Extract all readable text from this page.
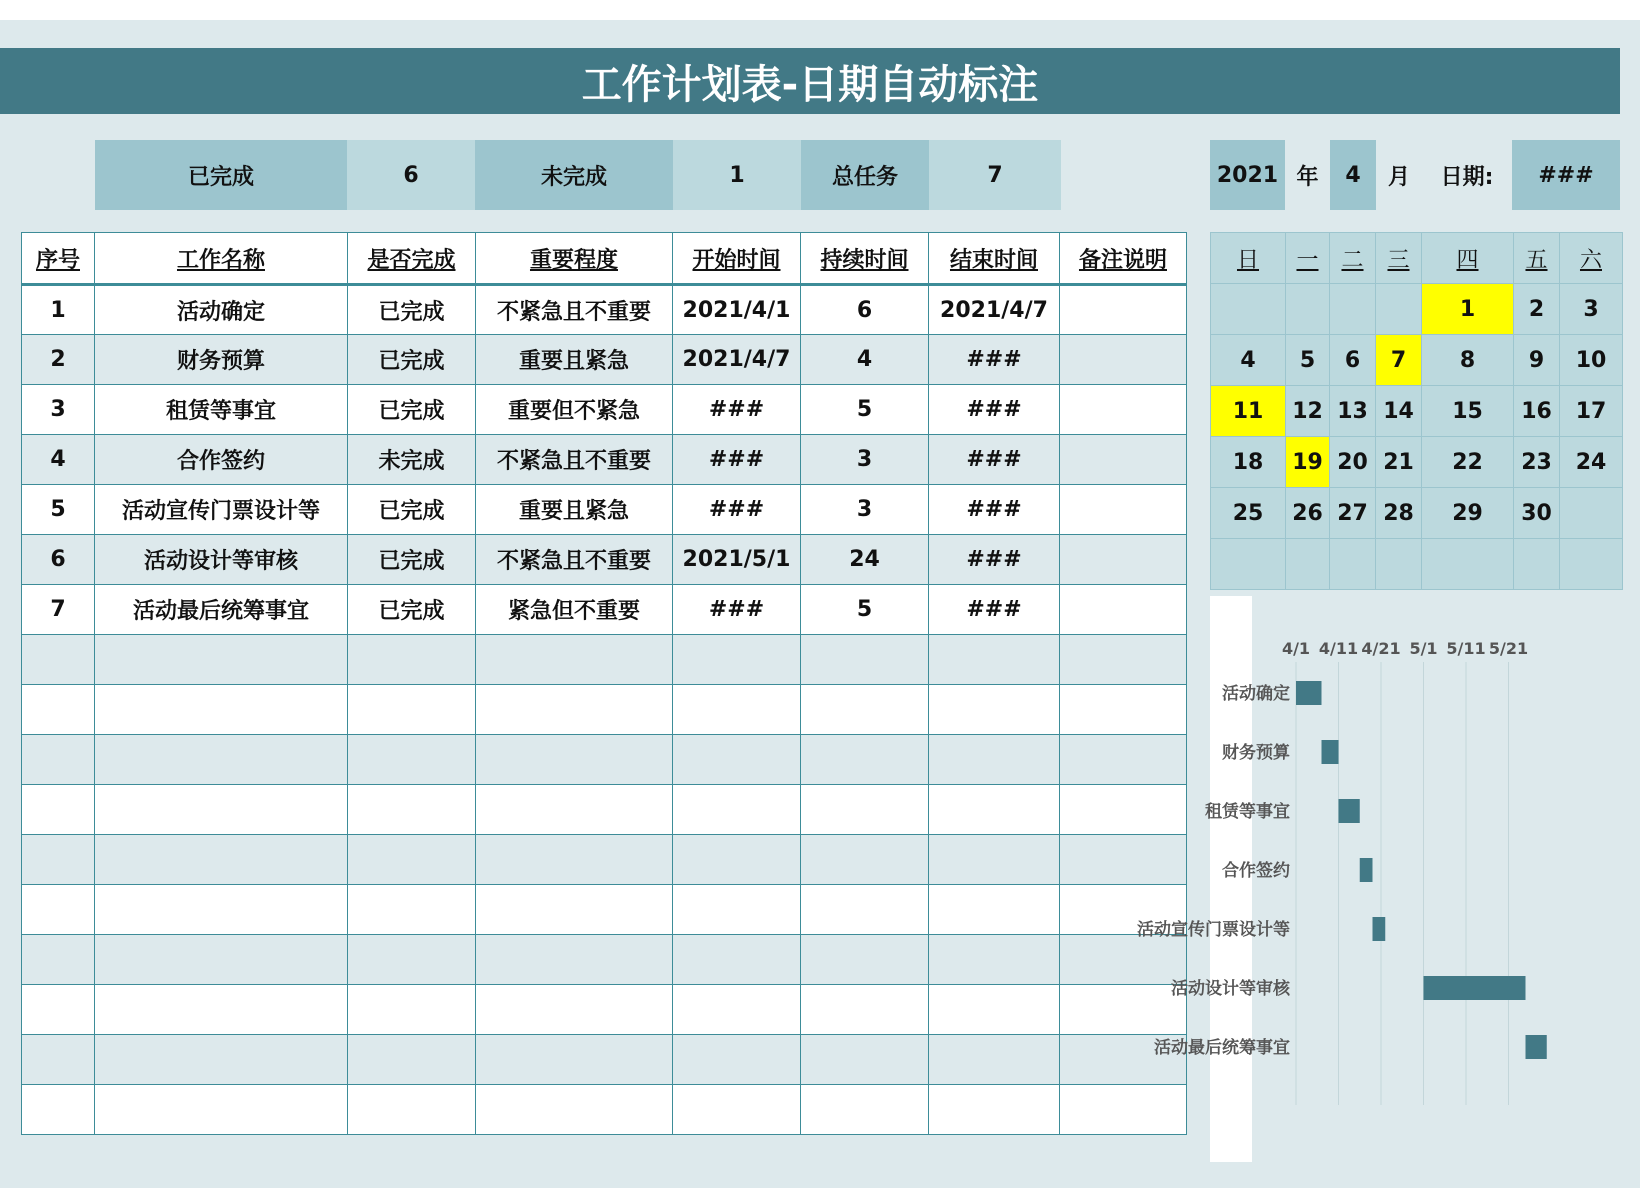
工作计划表-日期自动标注
已完成	6	未完成	1	总任务	7	2021 年	4	月	日期:	###
序号	工作名称	是否完成	重要程度	开始时间	持续时间	结束时间	备注说明
1	活动确定	已完成	不紧急且不重要	2021/4/1	6	2021/4/7	
2	财务预算	已完成	重要且紧急	2021/4/7	4	###	
3	租赁等事宜	已完成	重要但不紧急	###	5	###	
4	合作签约	未完成	不紧急且不重要	###	3	###	
5	活动宣传门票设计等	已完成	重要且紧急	###	3	###	
6	活动设计等审核	已完成	不紧急且不重要	2021/5/1	24	###	
7	活动最后统筹事宜	已完成	紧急但不重要	###	5	###	

日	一	二	三	四	五	六
				1	2	3
4	5	6	7	8	9	10
11	12	13	14	15	16	17
18	19	20	21	22	23	24
25	26	27	28	29	30	

4/1 4/11 4/21 5/1 5/11 5/21
活动确定
财务预算
租赁等事宜
合作签约
活动宣传门票设计等
活动设计等审核
活动最后统筹事宜
